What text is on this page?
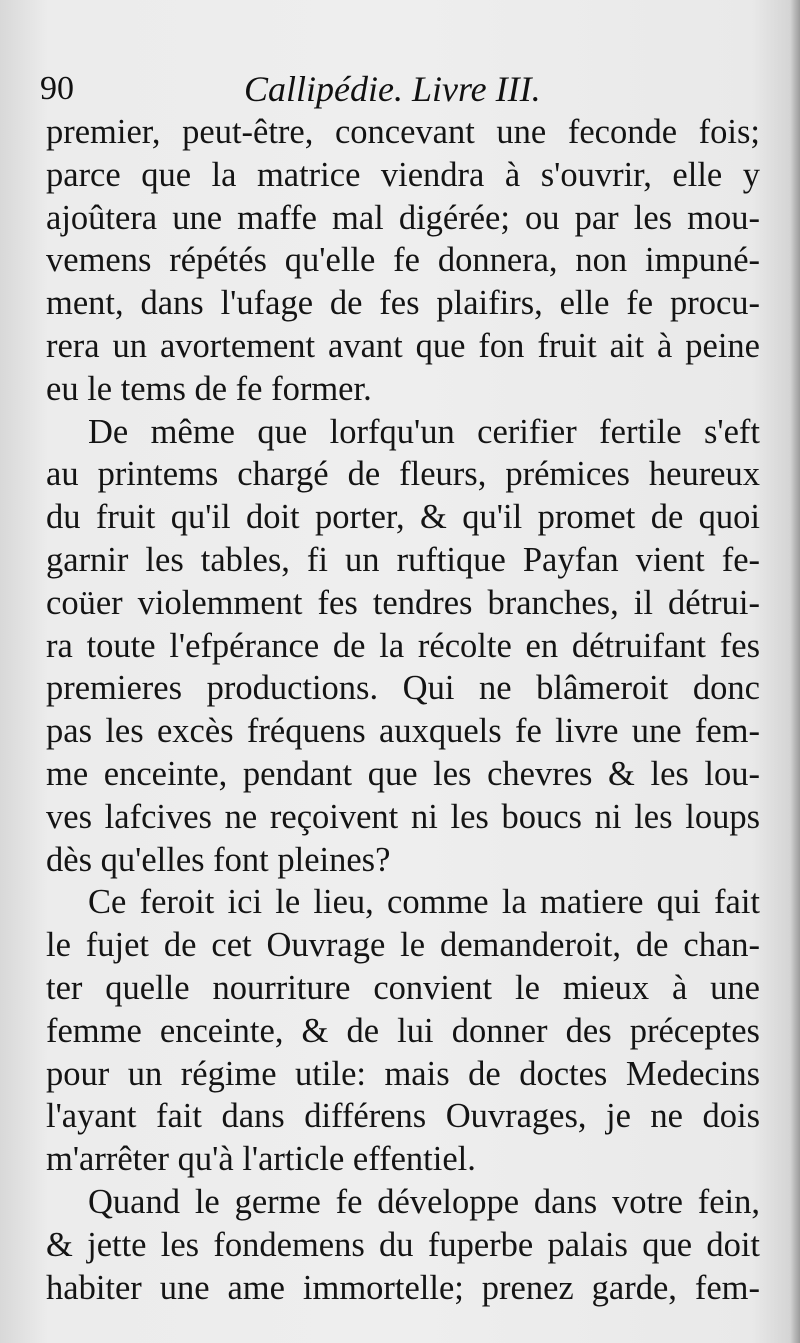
90	Callipédie. Livre III.
premier, peut-être, concevant une feconde fois;
parce que la matrice viendra à s'ouvrir, elle y
ajoûtera une maffe mal digérée; ou par les mou-
vemens répétés qu'elle fe donnera, non impuné-
ment, dans l'ufage de fes plaifirs, elle fe procu-
rera un avortement avant que fon fruit ait à peine
eu le tems de fe former.
De même que lorfqu'un cerifier fertile s'eft
au printems chargé de fleurs, prémices heureux
du fruit qu'il doit porter, & qu'il promet de quoi
garnir les tables, fi un ruftique Payfan vient fe-
coüer violemment fes tendres branches, il détrui-
ra toute l'efpérance de la récolte en détruifant fes
premieres productions. Qui ne blâmeroit donc
pas les excès fréquens auxquels fe livre une fem-
me enceinte, pendant que les chevres & les lou-
ves lafcives ne reçoivent ni les boucs ni les loups
dès qu'elles font pleines?
Ce feroit ici le lieu, comme la matiere qui fait
le fujet de cet Ouvrage le demanderoit, de chan-
ter quelle nourriture convient le mieux à une
femme enceinte, & de lui donner des préceptes
pour un régime utile: mais de doctes Medecins
l'ayant fait dans différens Ouvrages, je ne dois
m'arrêter qu'à l'article effentiel.
Quand le germe fe développe dans votre fein,
& jette les fondemens du fuperbe palais que doit
habiter une ame immortelle; prenez garde, fem-
